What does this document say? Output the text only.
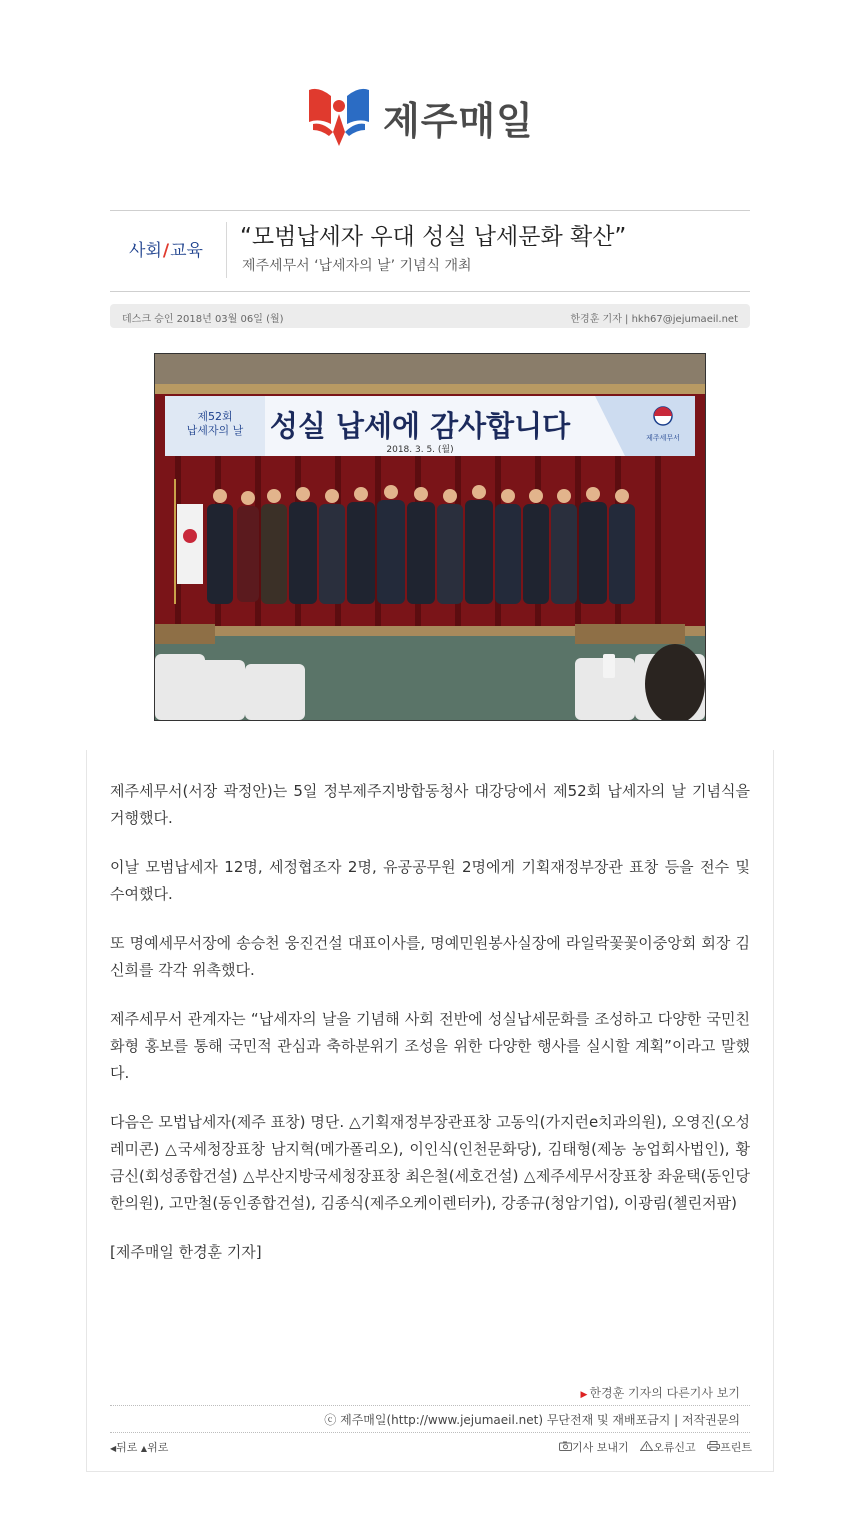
제주매일
사회/교육
“모범납세자 우대 성실 납세문화 확산”
제주세무서 ‘납세자의 날’ 기념식 개최
데스크 승인 2018년 03월 06일 (월)	한경훈 기자 | hkh67@jejumaeil.net
제52회
납세자의 날 성실 납세에 감사합니다
2018. 3. 5. (월)
제주세무서

제주세무서(서장 곽정안)는 5일 정부제주지방합동청사 대강당에서 제52회 납세자의 날 기념식을 거행했다.

이날 모범납세자 12명, 세정협조자 2명, 유공공무원 2명에게 기획재정부장관 표창 등을 전수 및 수여했다.

또 명예세무서장에 송승천 웅진건설 대표이사를, 명예민원봉사실장에 라일락꽃꽃이중앙회 회장 김신희를 각각 위촉했다.

제주세무서 관계자는 “납세자의 날을 기념해 사회 전반에 성실납세문화를 조성하고 다양한 국민친화형 홍보를 통해 국민적 관심과 축하분위기 조성을 위한 다양한 행사를 실시할 계획”이라고 말했다.

다음은 모법납세자(제주 표창) 명단. △기획재정부장관표창 고동익(가지런e치과의원), 오영진(오성레미콘) △국세청장표창 남지혁(메가폴리오), 이인식(인천문화당), 김태형(제농 농업회사법인), 황금신(회성종합건설) △부산지방국세청장표창 최은철(세호건설) △제주세무서장표창 좌윤택(동인당한의원), 고만철(동인종합건설), 김종식(제주오케이렌터카), 강종규(청암기업), 이광림(첼린저팜)

[제주매일 한경훈 기자]

▶ 한경훈 기자의 다른기사 보기
ⓒ 제주매일(http://www.jejumaeil.net) 무단전재 및 재배포금지 | 저작권문의
◀뒤로 ▲위로	기사 보내기 오류신고 프린트
